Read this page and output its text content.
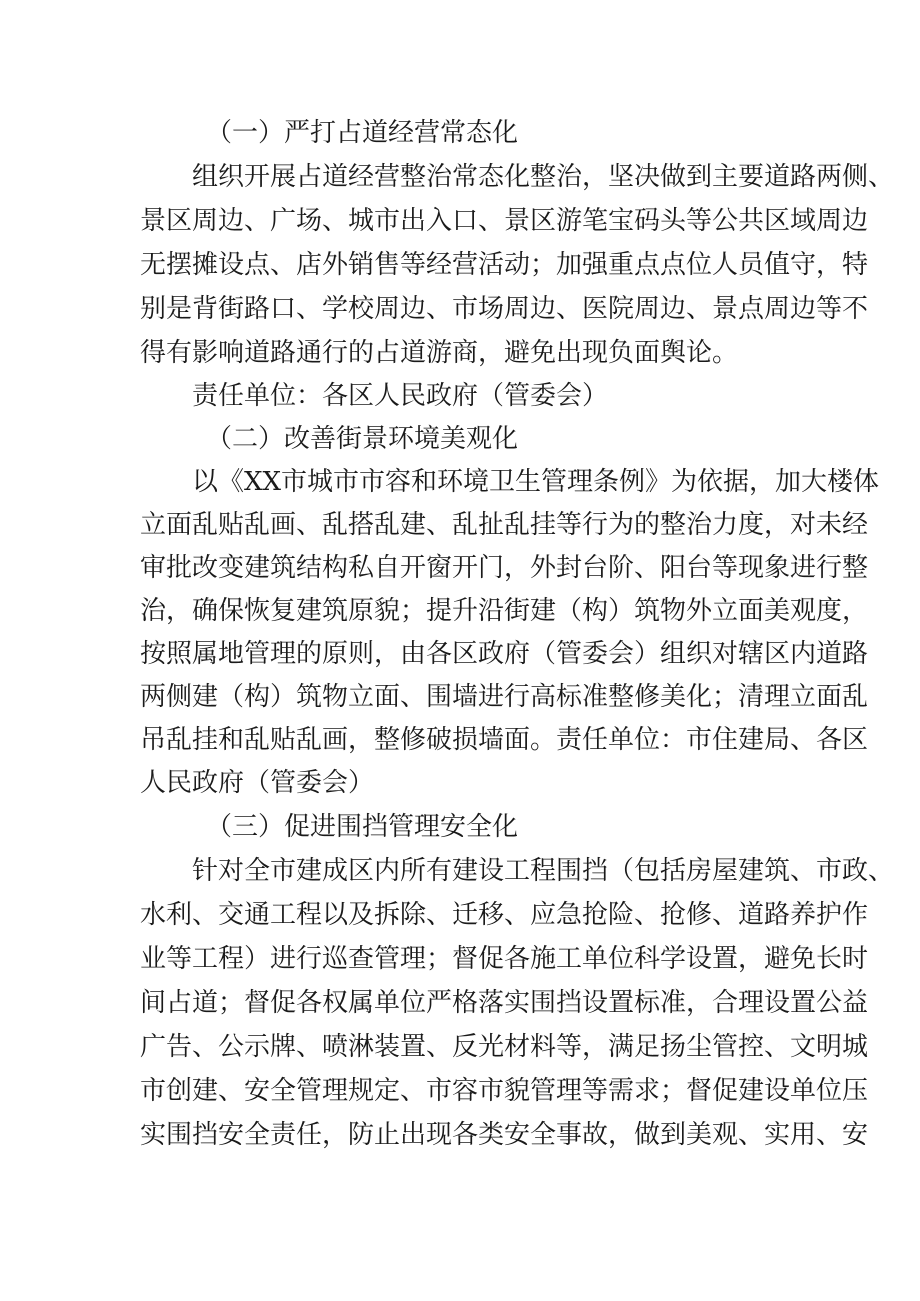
（一）严打占道经营常态化
组织开展占道经营整治常态化整治，坚决做到主要道路两侧、
景区周边、广场、城市出入口、景区游笔宝码头等公共区域周边
无摆摊设点、店外销售等经营活动；加强重点点位人员值守，特
别是背街路口、学校周边、市场周边、医院周边、景点周边等不
得有影响道路通行的占道游商，避免出现负面舆论。
责任单位：各区人民政府（管委会）
（二）改善街景环境美观化
以《XX市城市市容和环境卫生管理条例》为依据，加大楼体
立面乱贴乱画、乱搭乱建、乱扯乱挂等行为的整治力度，对未经
审批改变建筑结构私自开窗开门，外封台阶、阳台等现象进行整
治，确保恢复建筑原貌；提升沿街建（构）筑物外立面美观度，
按照属地管理的原则，由各区政府（管委会）组织对辖区内道路
两侧建（构）筑物立面、围墙进行高标准整修美化；清理立面乱
吊乱挂和乱贴乱画，整修破损墙面。责任单位：市住建局、各区
人民政府（管委会）
（三）促进围挡管理安全化
针对全市建成区内所有建设工程围挡（包括房屋建筑、市政、
水利、交通工程以及拆除、迁移、应急抢险、抢修、道路养护作
业等工程）进行巡查管理；督促各施工单位科学设置，避免长时
间占道；督促各权属单位严格落实围挡设置标准，合理设置公益
广告、公示牌、喷淋装置、反光材料等，满足扬尘管控、文明城
市创建、安全管理规定、市容市貌管理等需求；督促建设单位压
实围挡安全责任，防止出现各类安全事故，做到美观、实用、安
